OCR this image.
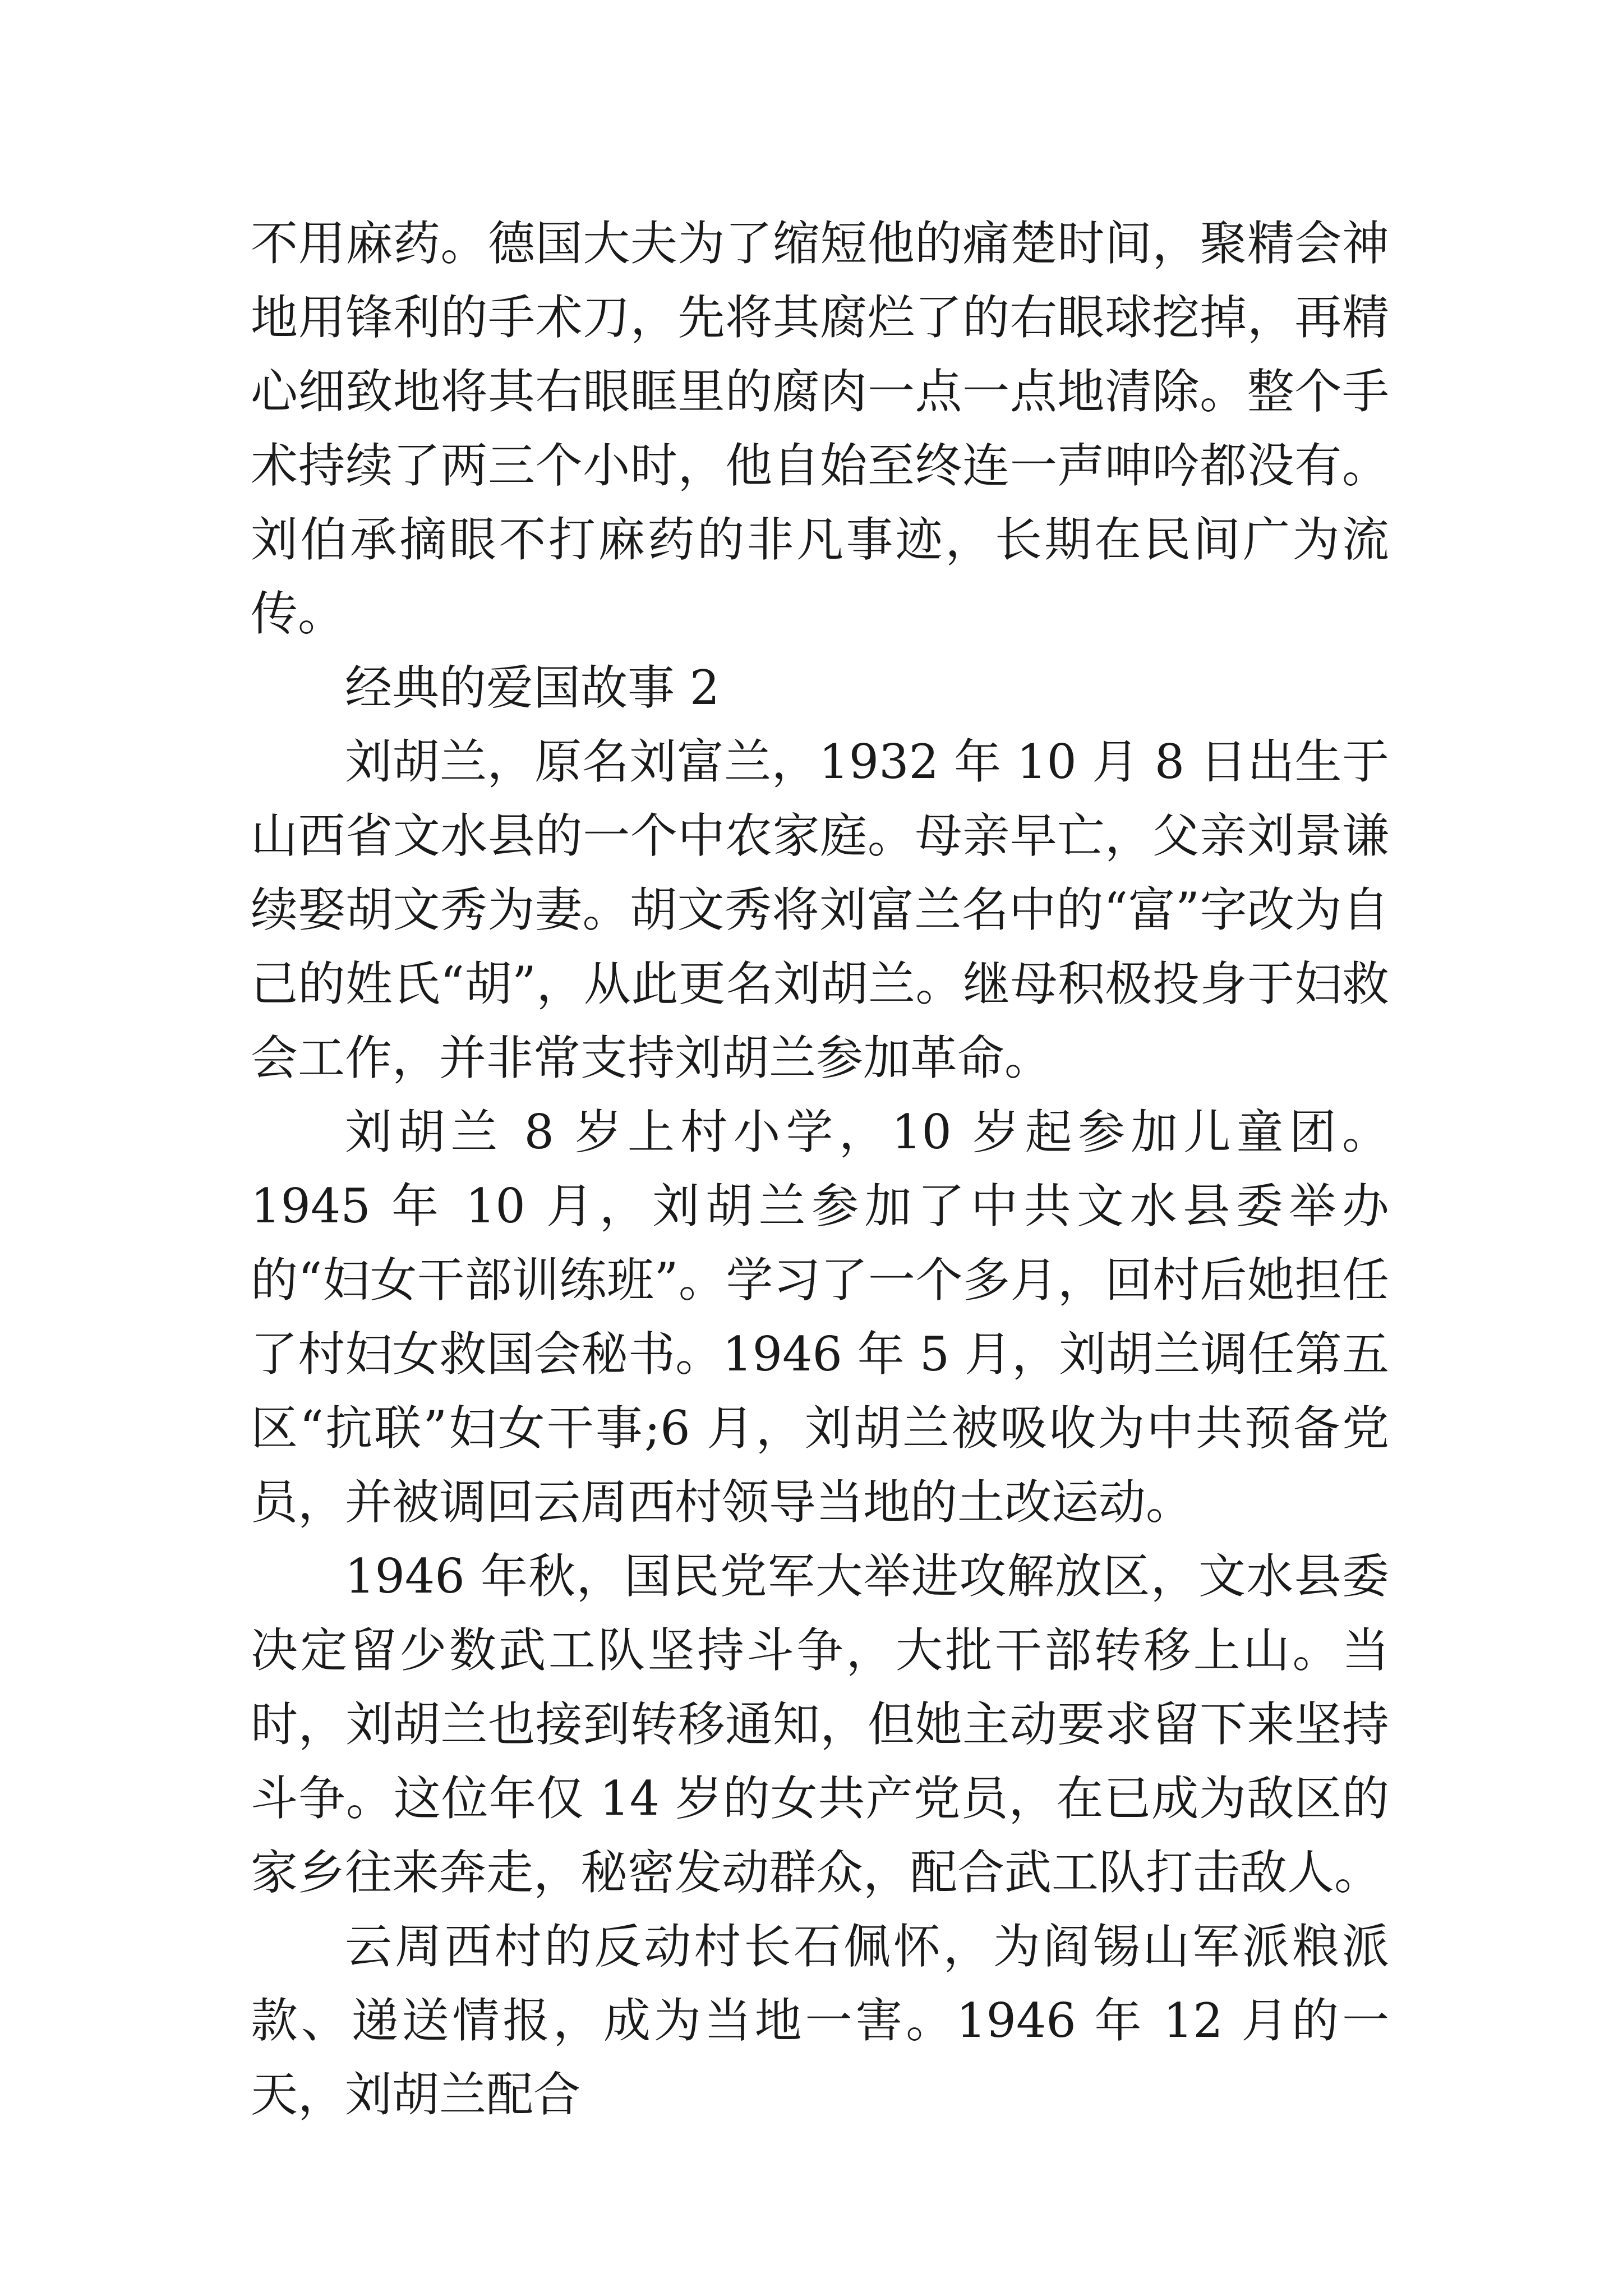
不用麻药。德国大夫为了缩短他的痛楚时间，聚精会神地用锋利的手术刀，先将其腐烂了的右眼球挖掉，再精心细致地将其右眼眶里的腐肉一点一点地清除。整个手术持续了两三个小时，他自始至终连一声呻吟都没有。刘伯承摘眼不打麻药的非凡事迹，长期在民间广为流传。

经典的爱国故事 2

刘胡兰，原名刘富兰，1932 年 10 月 8 日出生于山西省文水县的一个中农家庭。母亲早亡，父亲刘景谦续娶胡文秀为妻。胡文秀将刘富兰名中的“富”字改为自己的姓氏“胡”，从此更名刘胡兰。继母积极投身于妇救会工作，并非常支持刘胡兰参加革命。

刘胡兰 8 岁上村小学，10 岁起参加儿童团。1945 年 10 月，刘胡兰参加了中共文水县委举办的“妇女干部训练班”。学习了一个多月，回村后她担任了村妇女救国会秘书。1946 年 5 月，刘胡兰调任第五区“抗联”妇女干事;6 月，刘胡兰被吸收为中共预备党员，并被调回云周西村领导当地的土改运动。

1946 年秋，国民党军大举进攻解放区，文水县委决定留少数武工队坚持斗争，大批干部转移上山。当时，刘胡兰也接到转移通知，但她主动要求留下来坚持斗争。这位年仅 14 岁的女共产党员，在已成为敌区的家乡往来奔走，秘密发动群众，配合武工队打击敌人。

云周西村的反动村长石佩怀，为阎锡山军派粮派款、递送情报，成为当地一害。1946 年 12 月的一天，刘胡兰配合
